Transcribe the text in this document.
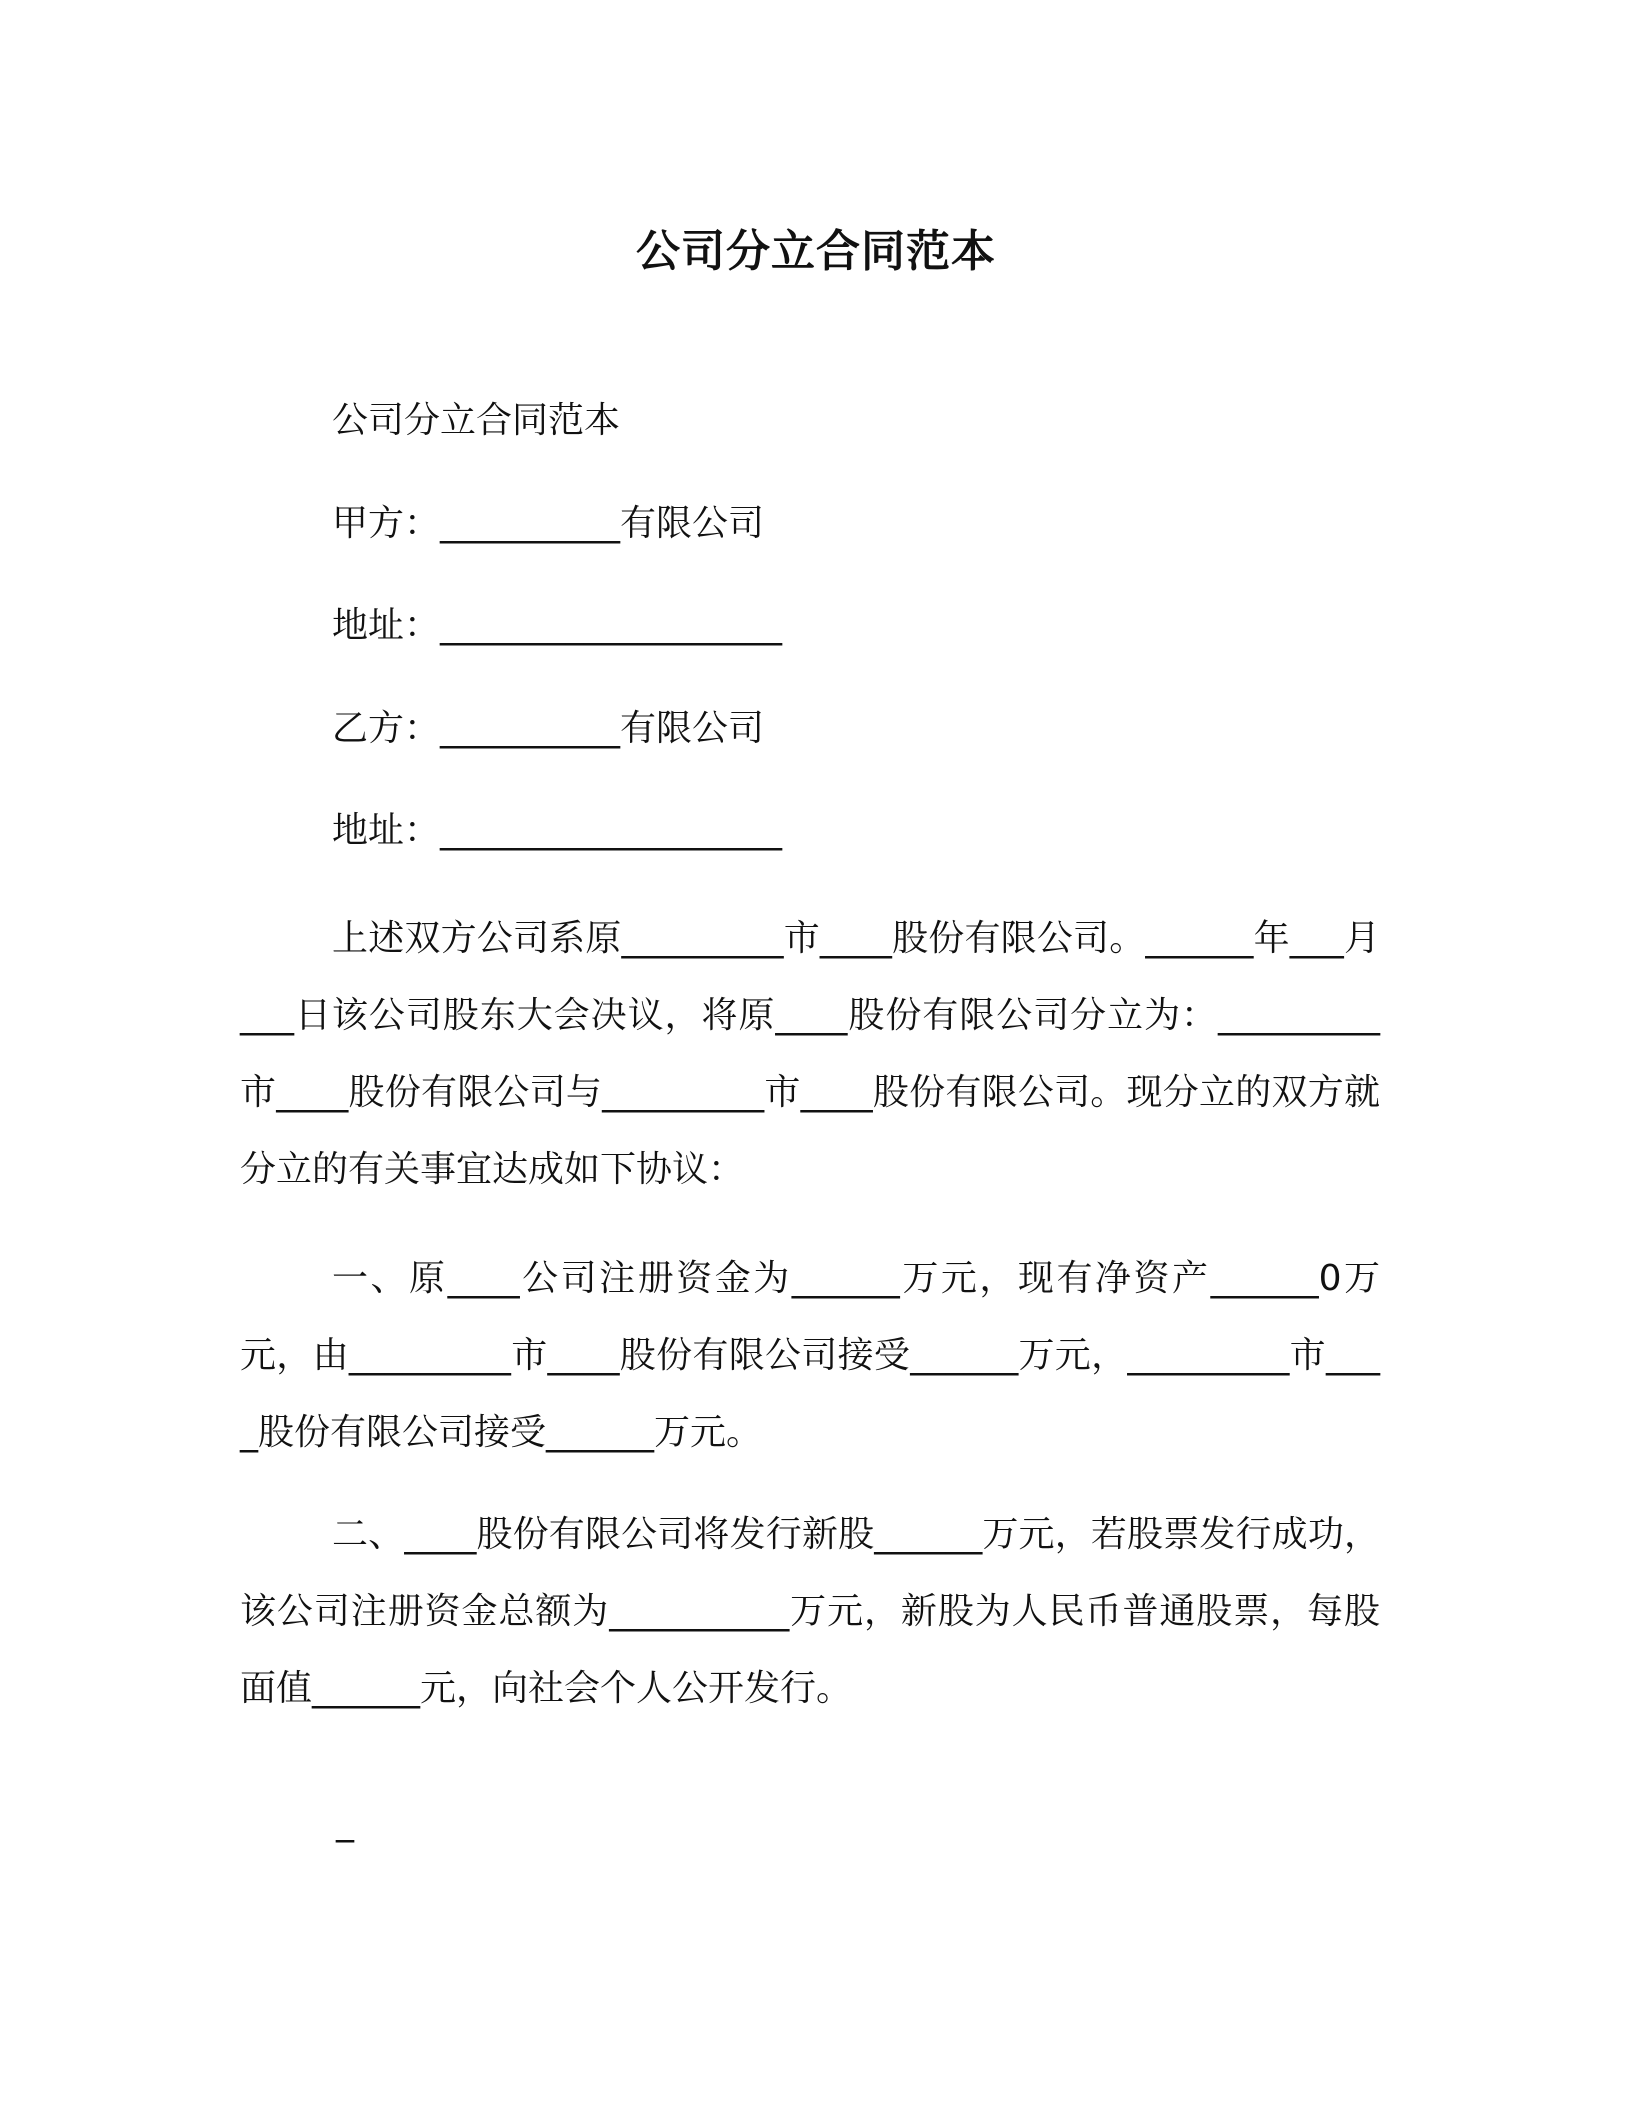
公司分立合同范本
公司分立合同范本
甲方：__________有限公司
地址：___________________
乙方：__________有限公司
地址：___________________
上述双方公司系原_________市____股份有限公司。______年___月___日该公司股东大会决议，将原____股份有限公司分立为：_________市____股份有限公司与_________市____股份有限公司。现分立的双方就分立的有关事宜达成如下协议：
一、原____公司注册资金为______万元，现有净资产______0万元，由_________市____股份有限公司接受______万元，_________市____股份有限公司接受______万元。
二、____股份有限公司将发行新股______万元，若股票发行成功，该公司注册资金总额为__________万元，新股为人民币普通股票，每股面值______元，向社会个人公开发行。
_
